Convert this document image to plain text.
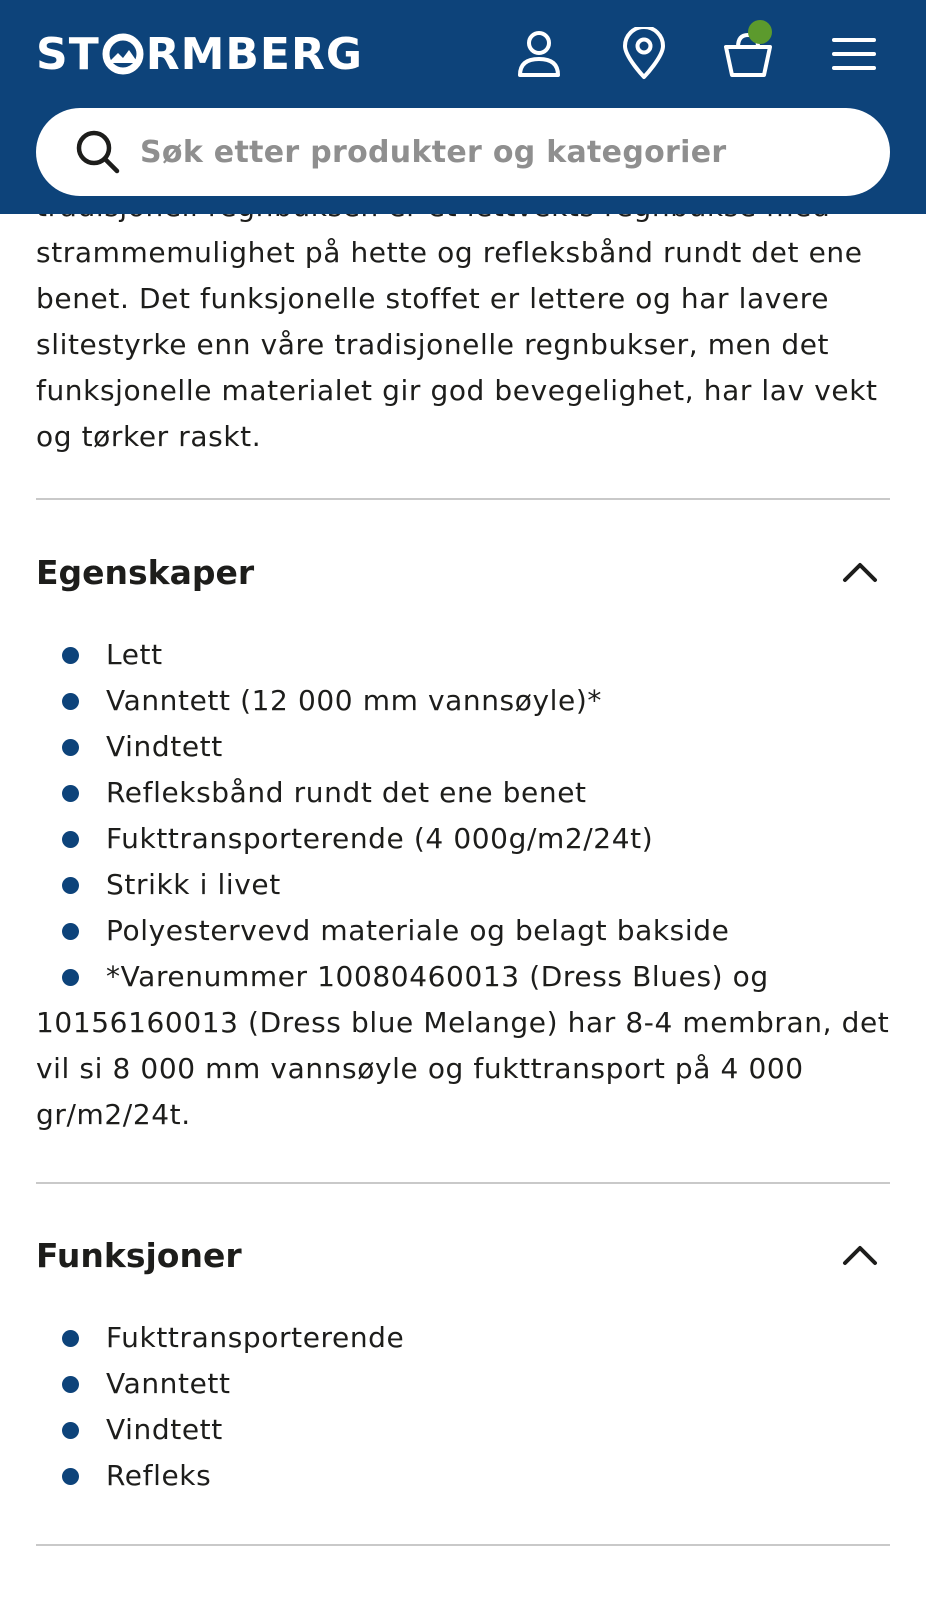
ST RMBERG
Søk etter produkter og kategorier

strammemulighet på hette og refleksbånd rundt det ene benet. Det funksjonelle stoffet er lettere og har lavere slitestyrke enn våre tradisjonelle regnbukser, men det funksjonelle materialet gir god bevegelighet, har lav vekt og tørker raskt.

Egenskaper
Lett
Vanntett (12 000 mm vannsøyle)*
Vindtett
Refleksbånd rundt det ene benet
Fukttransporterende (4 000g/m2/24t)
Strikk i livet
Polyestervevd materiale og belagt bakside
*Varenummer 10080460013 (Dress Blues) og 10156160013 (Dress blue Melange) har 8-4 membran, det vil si 8 000 mm vannsøyle og fukttransport på 4 000 gr/m2/24t.
Funksjoner
Fukttransporterende
Vanntett
Vindtett
Refleks
